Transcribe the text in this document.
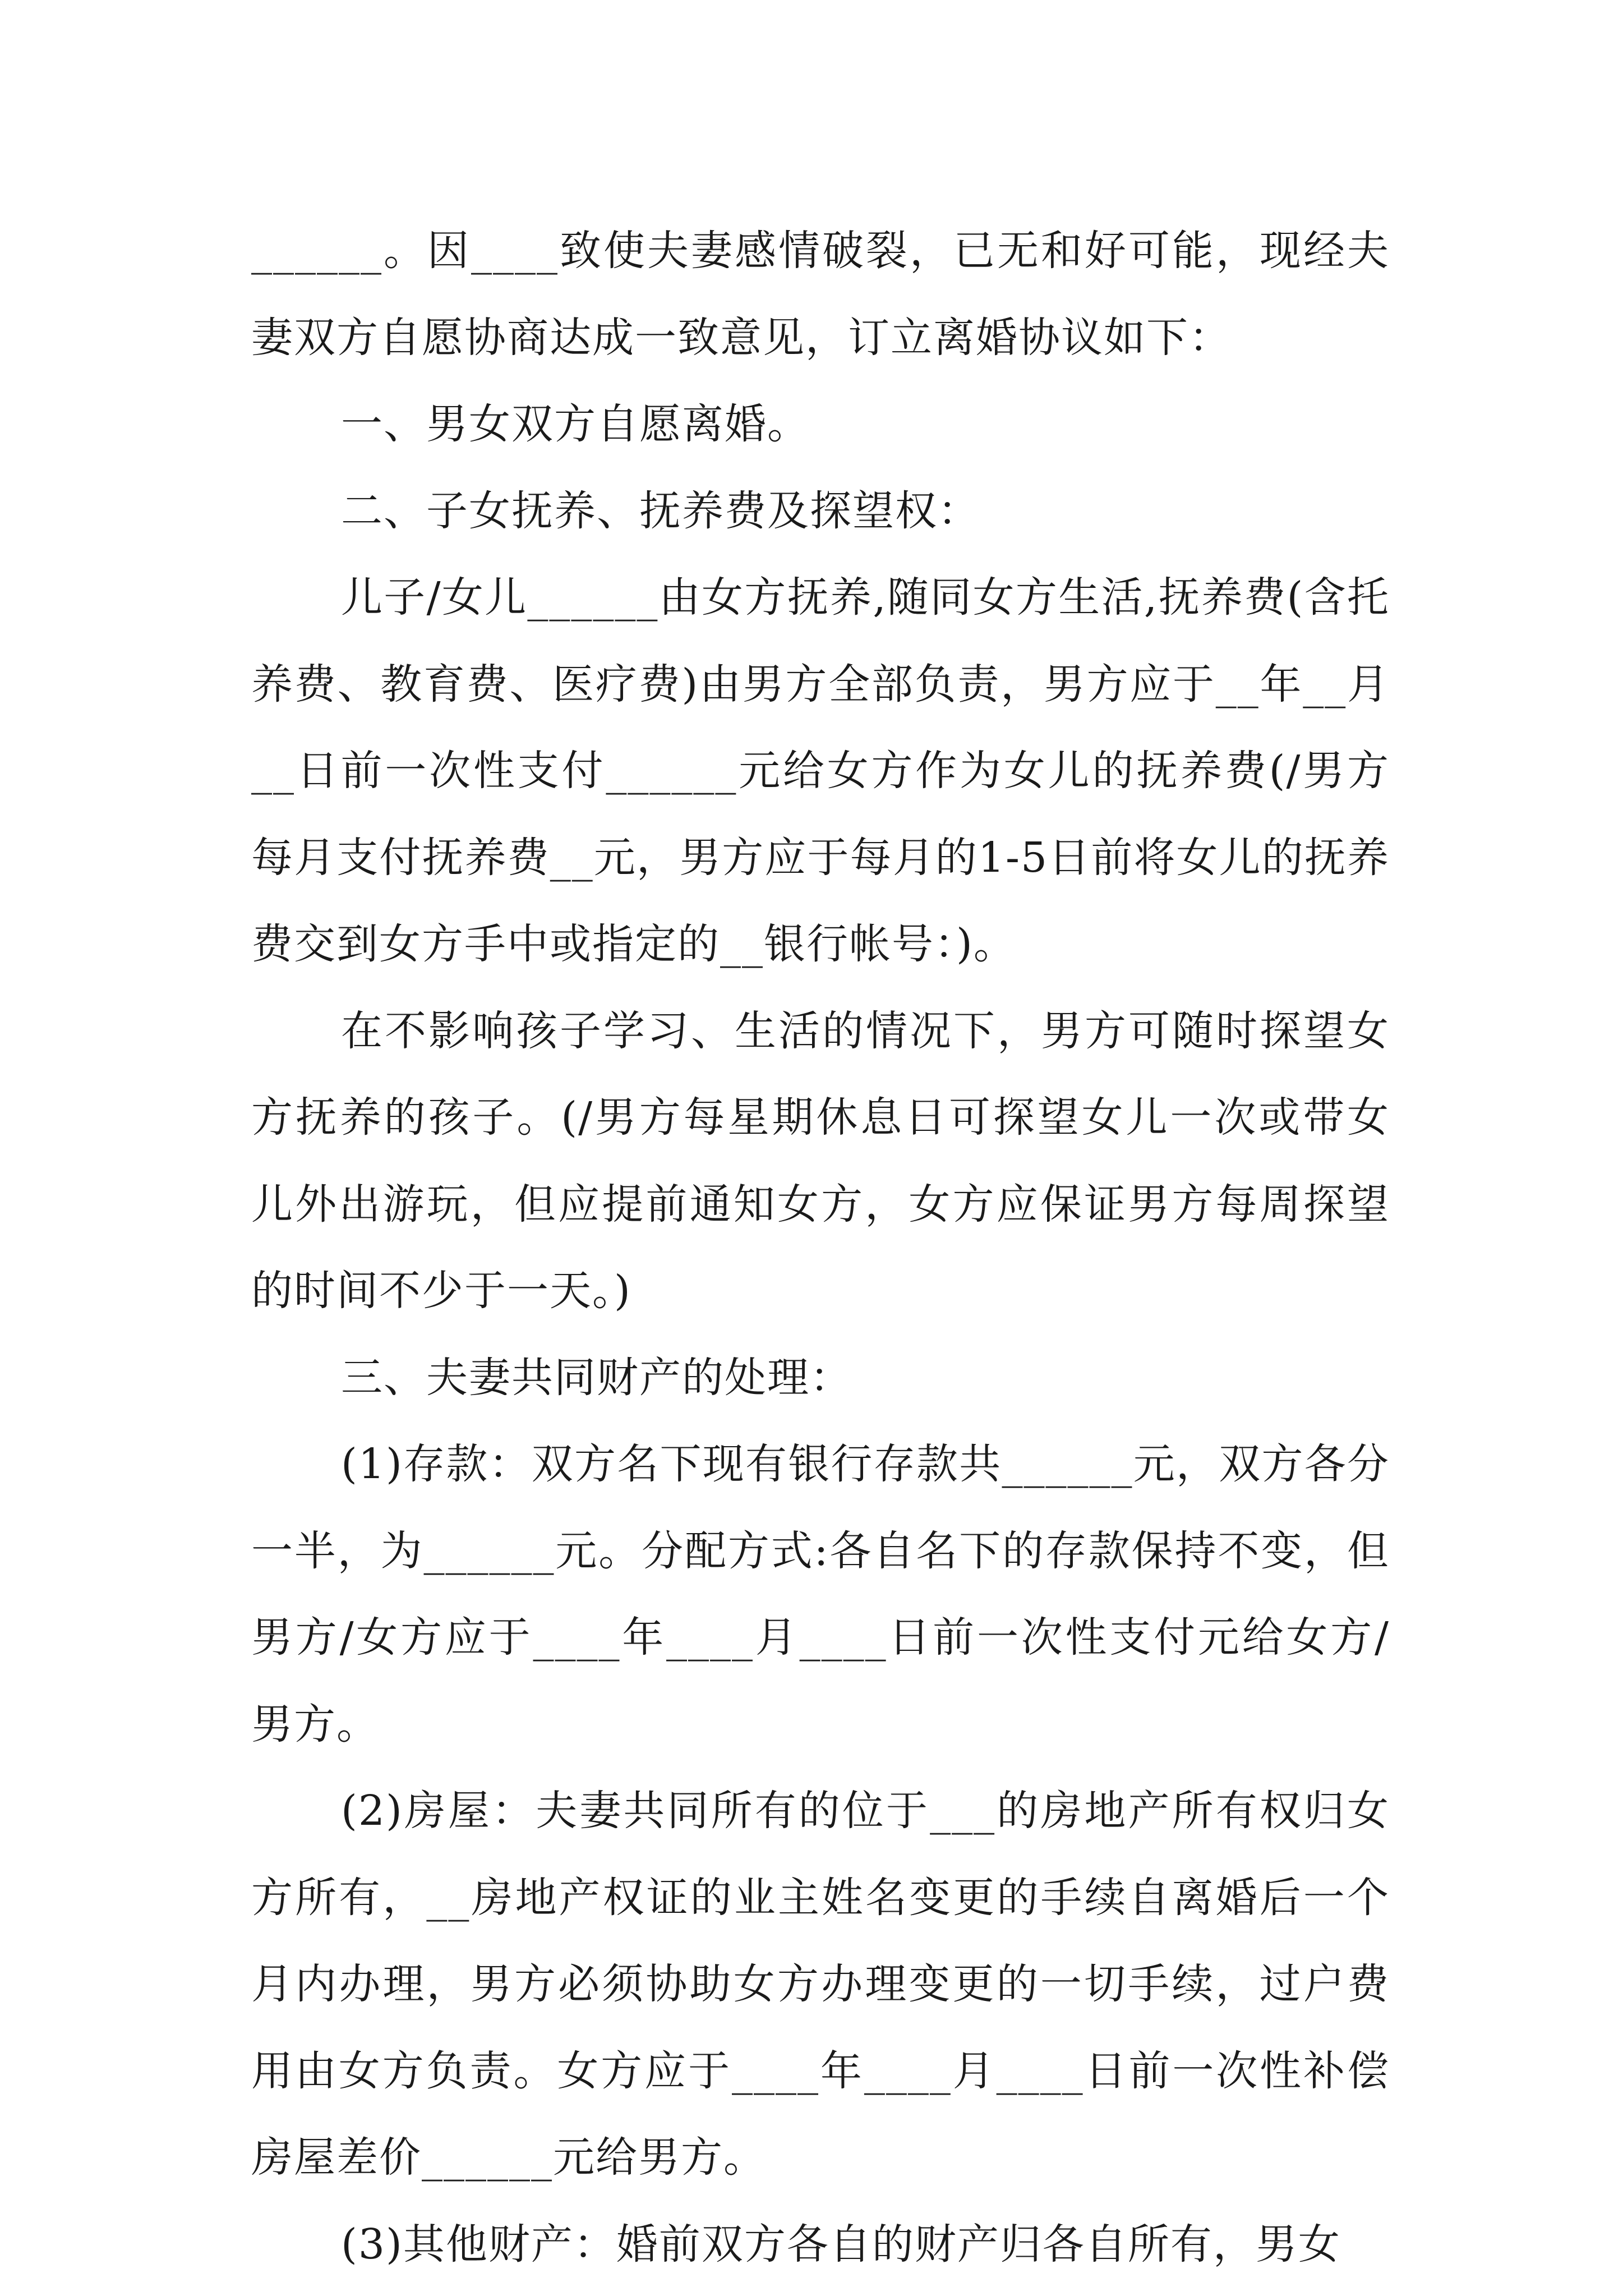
______。因____致使夫妻感情破裂，已无和好可能，现经夫妻双方自愿协商达成一致意见，订立离婚协议如下：

一、男女双方自愿离婚。

二、子女抚养、抚养费及探望权：

儿子/女儿______由女方抚养,随同女方生活,抚养费(含托养费、教育费、医疗费)由男方全部负责，男方应于__年__月__日前一次性支付______元给女方作为女儿的抚养费(/男方每月支付抚养费__元，男方应于每月的1-5日前将女儿的抚养费交到女方手中或指定的__银行帐号：)。

在不影响孩子学习、生活的情况下，男方可随时探望女方抚养的孩子。(/男方每星期休息日可探望女儿一次或带女儿外出游玩，但应提前通知女方，女方应保证男方每周探望的时间不少于一天。)

三、夫妻共同财产的处理：

(1)存款：双方名下现有银行存款共______元，双方各分一半，为______元。分配方式:各自名下的存款保持不变，但男方/女方应于____年____月____日前一次性支付元给女方/男方。

(2)房屋：夫妻共同所有的位于___的房地产所有权归女方所有，__房地产权证的业主姓名变更的手续自离婚后一个月内办理，男方必须协助女方办理变更的一切手续，过户费用由女方负责。女方应于____年____月____日前一次性补偿房屋差价______元给男方。

(3)其他财产：婚前双方各自的财产归各自所有，男女
